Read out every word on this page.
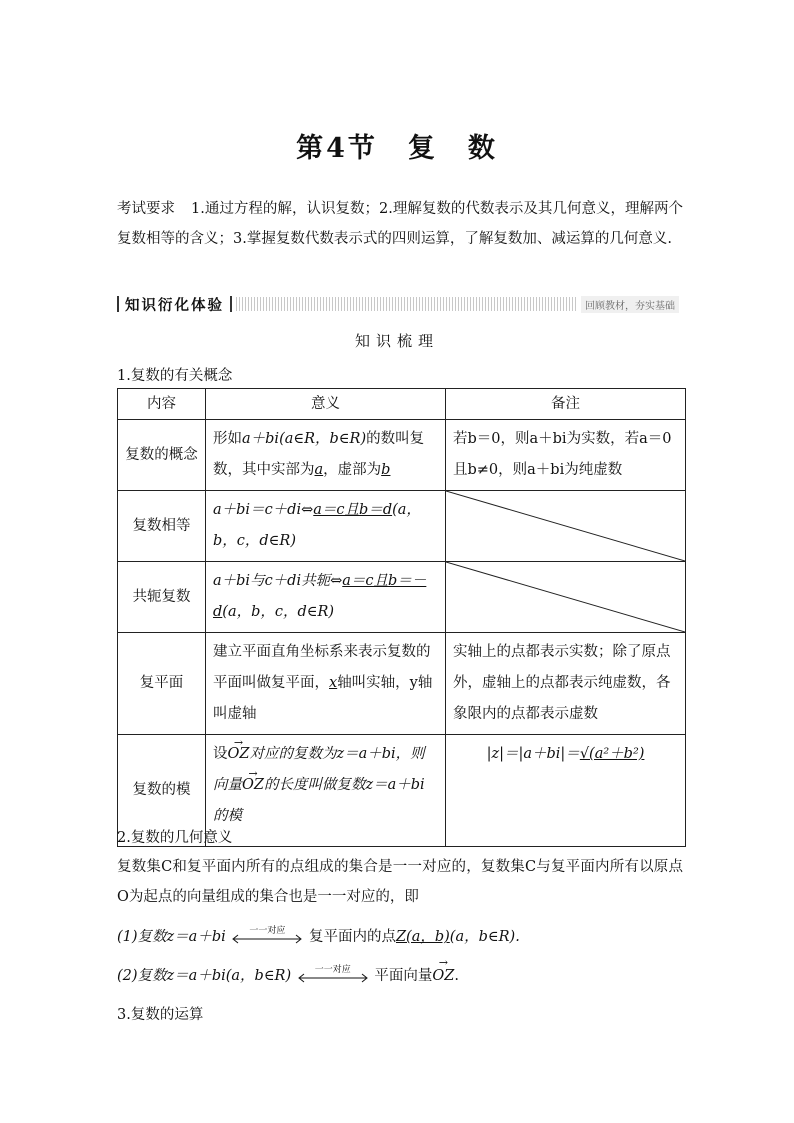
第4节　复　数
考试要求 1.通过方程的解，认识复数；2.理解复数的代数表示及其几何意义，理解两个复数相等的含义；3.掌握复数代数表示式的四则运算，了解复数加、减运算的几何意义.
知识衍化体验	回顾教材，夯实基础
知识梳理
1.复数的有关概念
内容	意义	备注
复数的概念	形如a＋bi(a∈R，b∈R)的数叫复数，其中实部为a，虚部为b	若b＝0，则a＋bi为实数，若a＝0且b≠0，则a＋bi为纯虚数
复数相等	a＋bi＝c＋di⇔a＝c且b＝d(a，b，c，d∈R)	

共轭复数	a＋bi与c＋di共轭⇔a＝c且b＝－d(a，b，c，d∈R)	

复平面	建立平面直角坐标系来表示复数的平面叫做复平面，x轴叫实轴，y轴叫虚轴	实轴上的点都表示实数；除了原点外，虚轴上的点都表示纯虚数，各象限内的点都表示虚数
复数的模	设→ OZ对应的复数为z＝a＋bi，则向量→ OZ的长度叫做复数z＝a＋bi的模	|z|＝|a＋bi|＝√(a²＋b²)
2.复数的几何意义
复数集C和复平面内所有的点组成的集合是一一对应的，复数集C与复平面内所有以原点O为起点的向量组成的集合也是一一对应的，即
(1)复数z＝a＋bi	一一对应	复平面内的点Z(a，b)(a，b∈R).
(2)复数z＝a＋bi(a，b∈R)	一一对应	平面向量→ OZ.
3.复数的运算
